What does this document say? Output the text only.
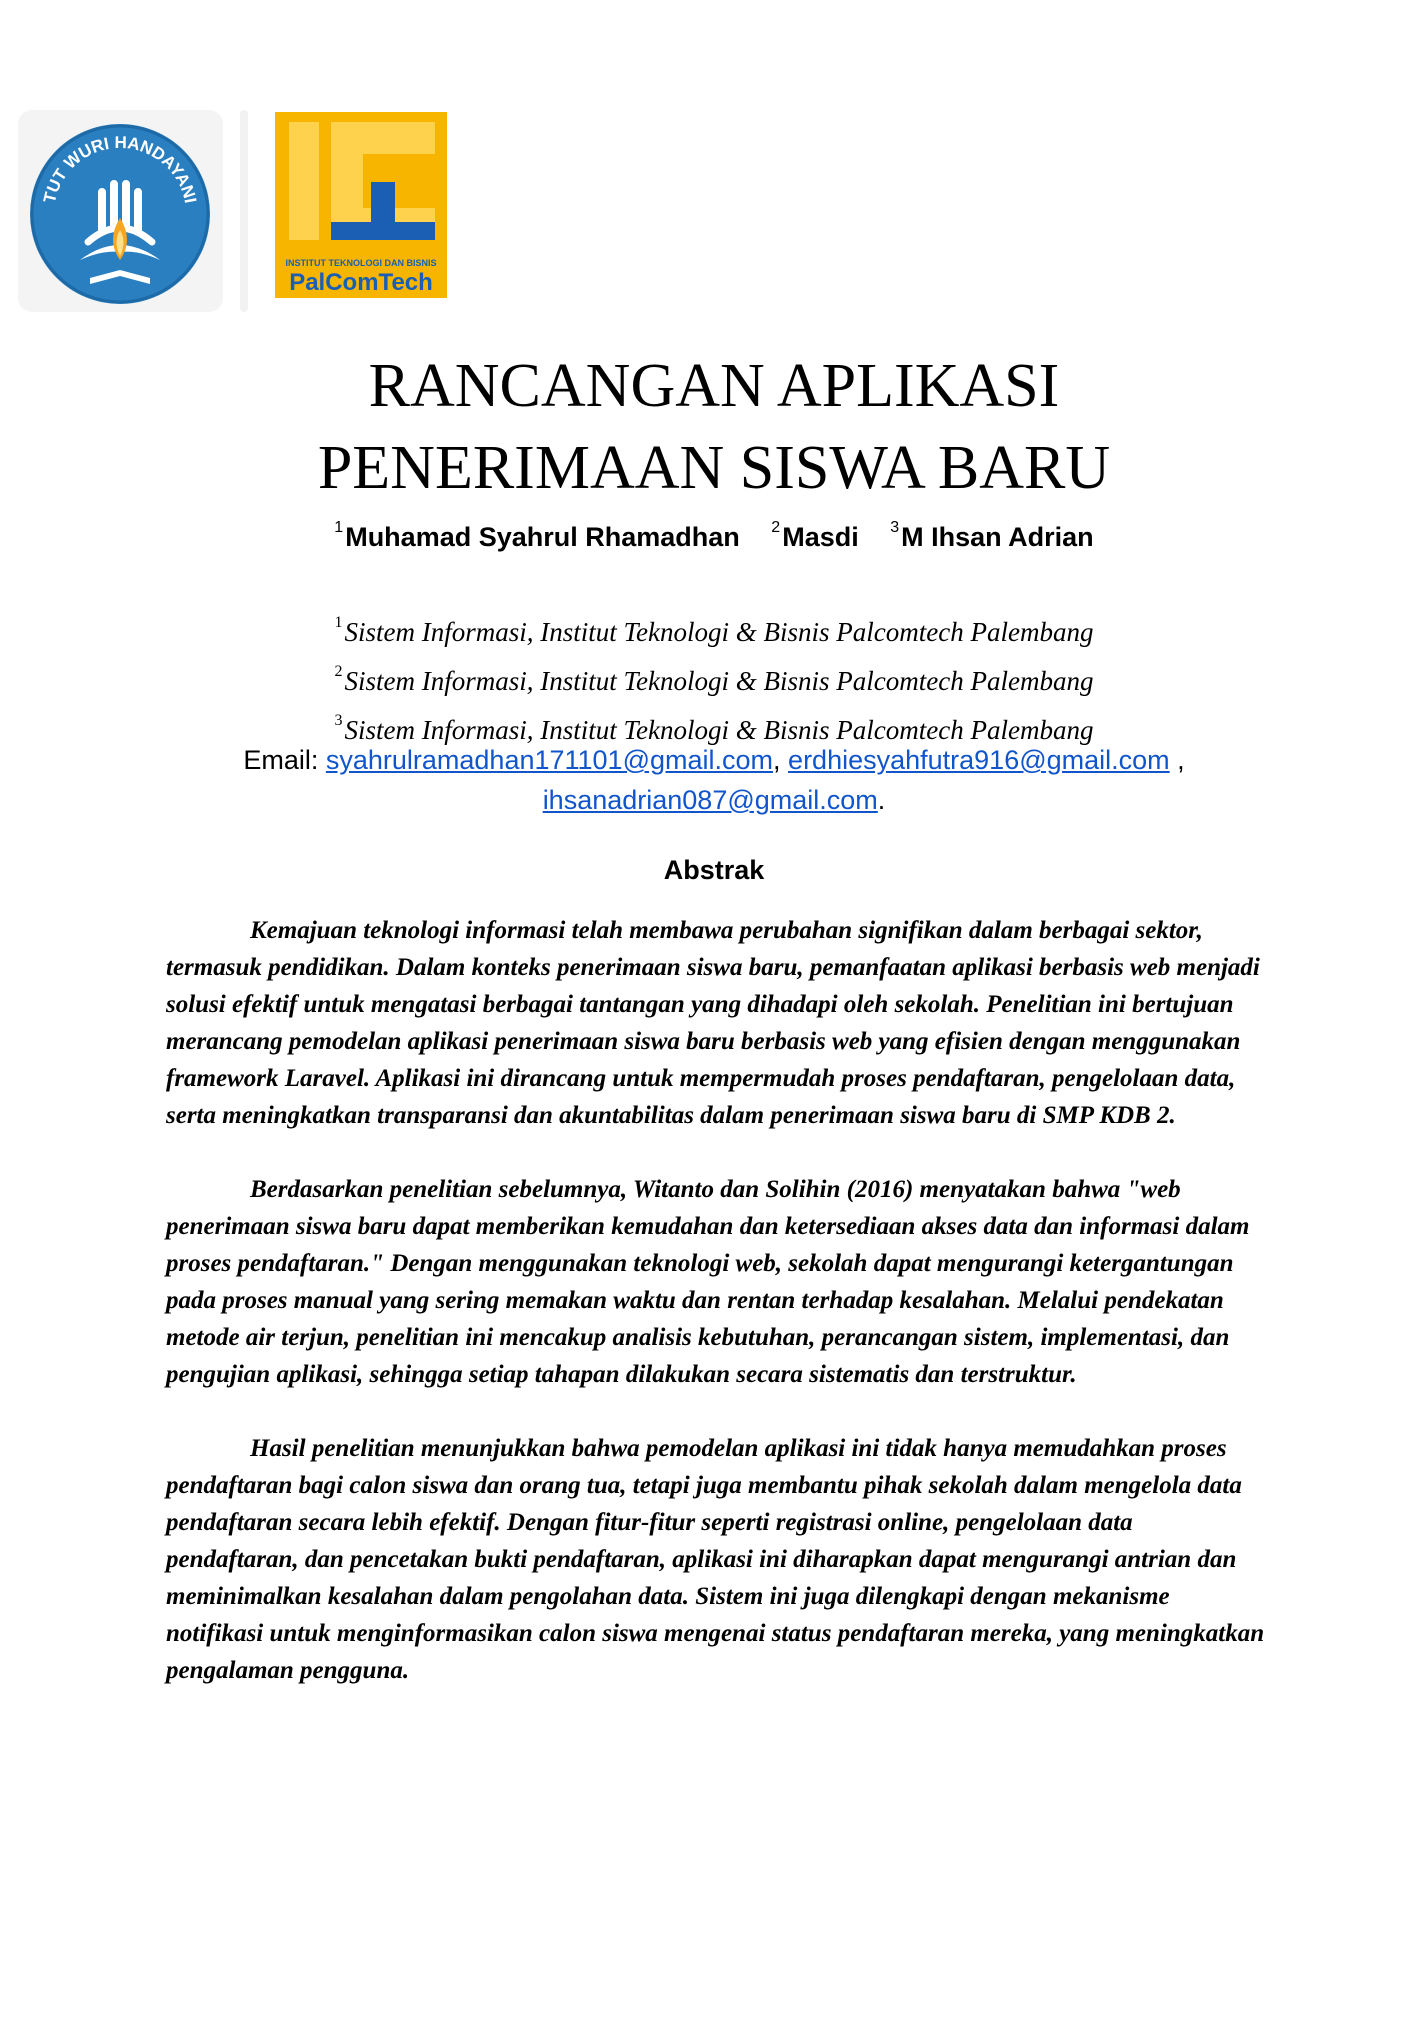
TUT WURI HANDAYANI
INSTITUT TEKNOLOGI DAN BISNIS
PalComTech
RANCANGAN APLIKASI
PENERIMAAN SISWA BARU
$^1$Muhamad Syahrul Rhamadhan $^2$Masdi $^3$M Ihsan Adrian
$^1$Sistem Informasi, Institut Teknologi & Bisnis Palcomtech Palembang
$^2$Sistem Informasi, Institut Teknologi & Bisnis Palcomtech Palembang
$^3$Sistem Informasi, Institut Teknologi & Bisnis Palcomtech Palembang
Email: syahrulramadhan171101@gmail.com, erdhiesyahfutra916@gmail.com ,
ihsanadrian087@gmail.com.
Abstrak

Kemajuan teknologi informasi telah membawa perubahan signifikan dalam berbagai sektor, termasuk pendidikan. Dalam konteks penerimaan siswa baru, pemanfaatan aplikasi berbasis web menjadi solusi efektif untuk mengatasi berbagai tantangan yang dihadapi oleh sekolah. Penelitian ini bertujuan merancang pemodelan aplikasi penerimaan siswa baru berbasis web yang efisien dengan menggunakan framework Laravel. Aplikasi ini dirancang untuk mempermudah proses pendaftaran, pengelolaan data, serta meningkatkan transparansi dan akuntabilitas dalam penerimaan siswa baru di SMP KDB 2.

Berdasarkan penelitian sebelumnya, Witanto dan Solihin (2016) menyatakan bahwa "web penerimaan siswa baru dapat memberikan kemudahan dan ketersediaan akses data dan informasi dalam proses pendaftaran." Dengan menggunakan teknologi web, sekolah dapat mengurangi ketergantungan pada proses manual yang sering memakan waktu dan rentan terhadap kesalahan. Melalui pendekatan metode air terjun, penelitian ini mencakup analisis kebutuhan, perancangan sistem, implementasi, dan pengujian aplikasi, sehingga setiap tahapan dilakukan secara sistematis dan terstruktur.

Hasil penelitian menunjukkan bahwa pemodelan aplikasi ini tidak hanya memudahkan proses pendaftaran bagi calon siswa dan orang tua, tetapi juga membantu pihak sekolah dalam mengelola data pendaftaran secara lebih efektif. Dengan fitur-fitur seperti registrasi online, pengelolaan data pendaftaran, dan pencetakan bukti pendaftaran, aplikasi ini diharapkan dapat mengurangi antrian dan meminimalkan kesalahan dalam pengolahan data. Sistem ini juga dilengkapi dengan mekanisme notifikasi untuk menginformasikan calon siswa mengenai status pendaftaran mereka, yang meningkatkan pengalaman pengguna.
